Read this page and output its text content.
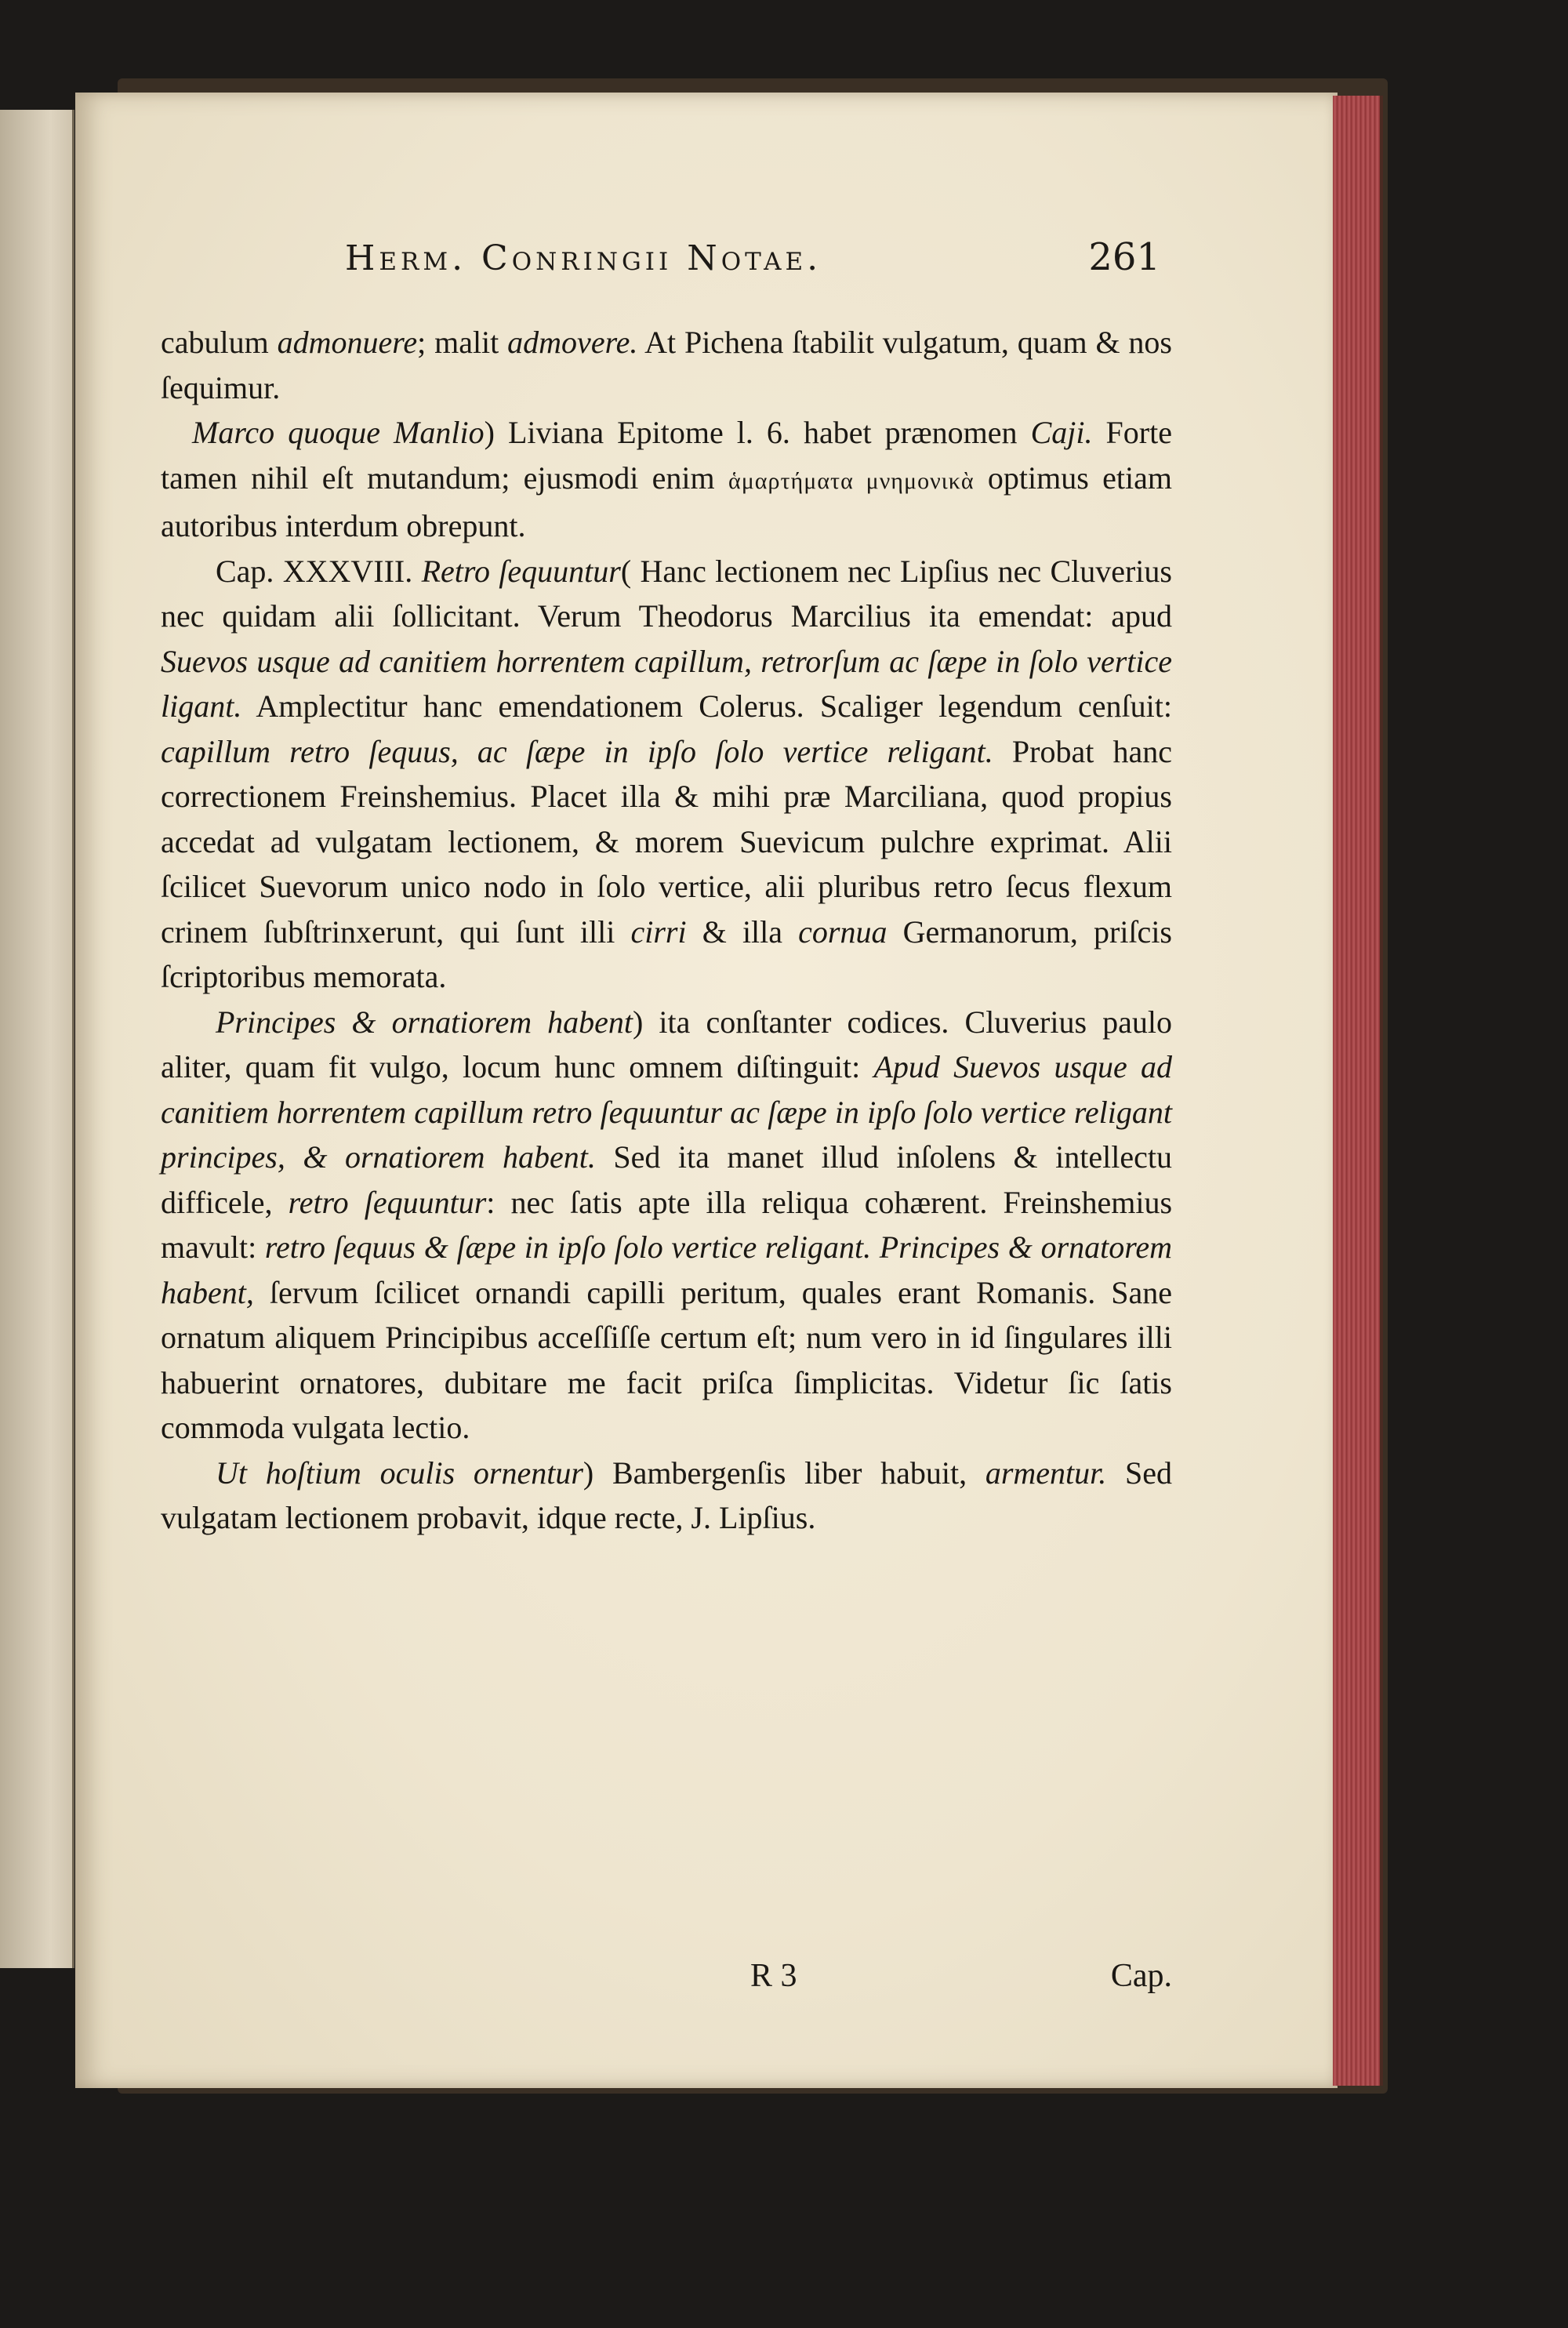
Herm. Conringii Notae.	261

cabulum admonuere; malit admovere. At Pichena ſtabilit vulgatum, quam & nos ſequimur.

Marco quoque Manlio) Liviana Epitome l. 6. habet prænomen Caji. Forte tamen nihil eſt mutandum; ejusmodi enim ἁμαρτήματα μνημονικὰ optimus etiam autoribus interdum obrepunt.

Cap. XXXVIII. Retro ſequuntur( Hanc lectionem nec Lipſius nec Cluverius nec quidam alii ſollicitant. Verum Theodorus Marcilius ita emendat: apud Suevos usque ad canitiem horrentem capillum, retrorſum ac ſæpe in ſolo vertice ligant. Amplectitur hanc emendationem Colerus. Scaliger legendum cenſuit: capillum retro ſequus, ac ſæpe in ipſo ſolo vertice religant. Probat hanc correctionem Freinshemius. Placet illa & mihi præ Marciliana, quod propius accedat ad vulgatam lectionem, & morem Suevicum pulchre exprimat. Alii ſcilicet Suevorum unico nodo in ſolo vertice, alii pluribus retro ſecus flexum crinem ſubſtrinxerunt, qui ſunt illi cirri & illa cornua Germanorum, priſcis ſcriptoribus memorata.

Principes & ornatiorem habent) ita conſtanter codices. Cluverius paulo aliter, quam fit vulgo, locum hunc omnem diſtinguit: Apud Suevos usque ad canitiem horrentem capillum retro ſequuntur ac ſæpe in ipſo ſolo vertice religant principes, & ornatiorem habent. Sed ita manet illud inſolens & intellectu difficele, retro ſequuntur: nec ſatis apte illa reliqua cohærent. Freinshemius mavult: retro ſequus & ſæpe in ipſo ſolo vertice religant. Principes & ornatorem habent, ſervum ſcilicet ornandi capilli peritum, quales erant Romanis. Sane ornatum aliquem Principibus acceſſiſſe certum eſt; num vero in id ſingulares illi habuerint ornatores, dubitare me facit priſca ſimplicitas. Videtur ſic ſatis commoda vulgata lectio.

Ut hoſtium oculis ornentur) Bambergenſis liber habuit, armentur. Sed vulgatam lectionem probavit, idque recte, J. Lipſius.

R 3	Cap.
